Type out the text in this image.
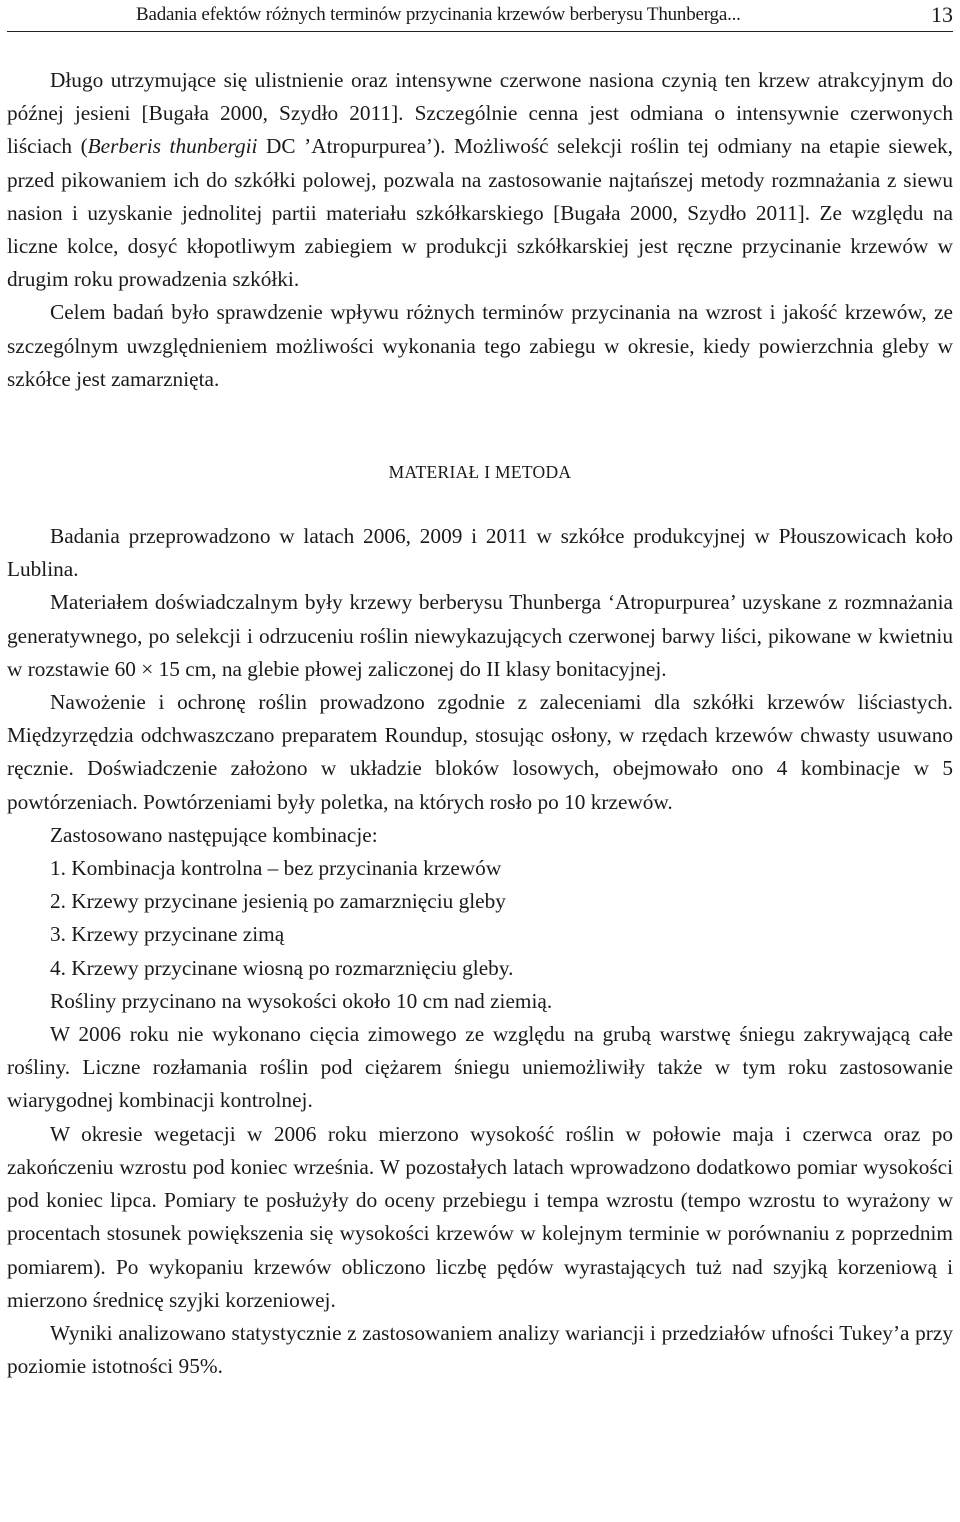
Badania efektów różnych terminów przycinania krzewów berberysu Thunberga...	13

Długo utrzymujące się ulistnienie oraz intensywne czerwone nasiona czynią ten krzew atrakcyjnym do późnej jesieni [Bugała 2000, Szydło 2011]. Szczególnie cenna jest odmiana o intensywnie czerwonych liściach (Berberis thunbergii DC ’Atropurpurea’). Możliwość selekcji roślin tej odmiany na etapie siewek, przed pikowaniem ich do szkółki polowej, pozwala na zastosowanie najtańszej metody rozmnażania z siewu nasion i uzyskanie jednolitej partii materiału szkółkarskiego [Bugała 2000, Szydło 2011]. Ze względu na liczne kolce, dosyć kłopotliwym zabiegiem w produkcji szkółkarskiej jest ręczne przycinanie krzewów w drugim roku prowadzenia szkółki.

Celem badań było sprawdzenie wpływu różnych terminów przycinania na wzrost i jakość krzewów, ze szczególnym uwzględnieniem możliwości wykonania tego zabiegu w okresie, kiedy powierzchnia gleby w szkółce jest zamarznięta.

MATERIAŁ I METODA

Badania przeprowadzono w latach 2006, 2009 i 2011 w szkółce produkcyjnej w Płouszowicach koło Lublina.

Materiałem doświadczalnym były krzewy berberysu Thunberga ‘Atropurpurea’ uzyskane z rozmnażania generatywnego, po selekcji i odrzuceniu roślin niewykazujących czerwonej barwy liści, pikowane w kwietniu w rozstawie 60 × 15 cm, na glebie płowej zaliczonej do II klasy bonitacyjnej.

Nawożenie i ochronę roślin prowadzono zgodnie z zaleceniami dla szkółki krzewów liściastych. Międzyrzędzia odchwaszczano preparatem Roundup, stosując osłony, w rzędach krzewów chwasty usuwano ręcznie. Doświadczenie założono w układzie bloków losowych, obejmowało ono 4 kombinacje w 5 powtórzeniach. Powtórzeniami były poletka, na których rosło po 10 krzewów.

Zastosowano następujące kombinacje:

1. Kombinacja kontrolna – bez przycinania krzewów

2. Krzewy przycinane jesienią po zamarznięciu gleby

3. Krzewy przycinane zimą

4. Krzewy przycinane wiosną po rozmarznięciu gleby.

Rośliny przycinano na wysokości około 10 cm nad ziemią.

W 2006 roku nie wykonano cięcia zimowego ze względu na grubą warstwę śniegu zakrywającą całe rośliny. Liczne rozłamania roślin pod ciężarem śniegu uniemożliwiły także w tym roku zastosowanie wiarygodnej kombinacji kontrolnej.

W okresie wegetacji w 2006 roku mierzono wysokość roślin w połowie maja i czerwca oraz po zakończeniu wzrostu pod koniec września. W pozostałych latach wprowadzono dodatkowo pomiar wysokości pod koniec lipca. Pomiary te posłużyły do oceny przebiegu i tempa wzrostu (tempo wzrostu to wyrażony w procentach stosunek powiększenia się wysokości krzewów w kolejnym terminie w porównaniu z poprzednim pomiarem). Po wykopaniu krzewów obliczono liczbę pędów wyrastających tuż nad szyjką korzeniową i mierzono średnicę szyjki korzeniowej.

Wyniki analizowano statystycznie z zastosowaniem analizy wariancji i przedziałów ufności Tukey’a przy poziomie istotności 95%.
